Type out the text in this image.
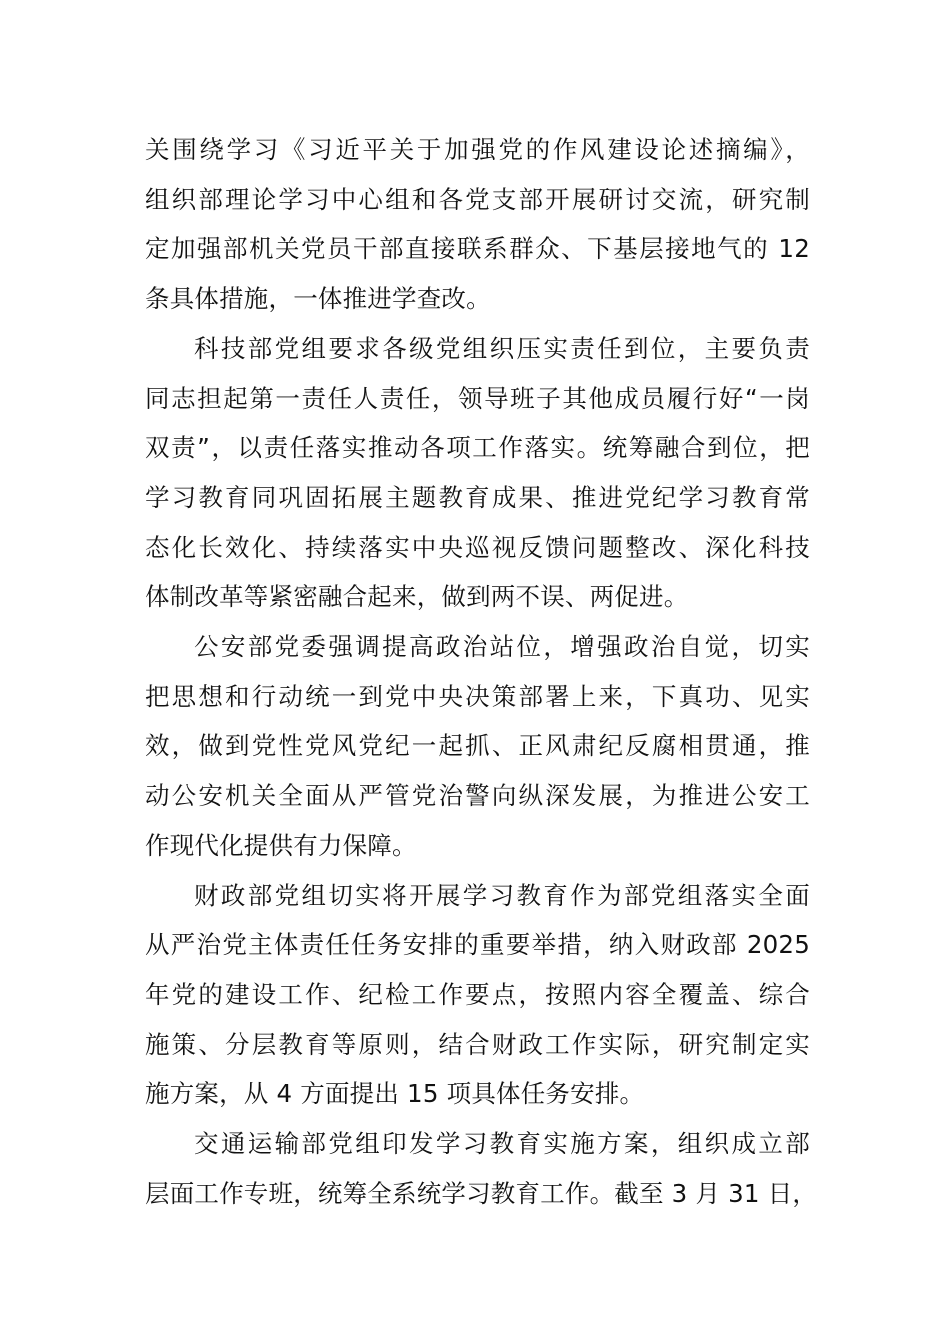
关围绕学习《习近平关于加强党的作风建设论述摘编》，
组织部理论学习中心组和各党支部开展研讨交流，研究制
定加强部机关党员干部直接联系群众、下基层接地气的 12
条具体措施，一体推进学查改。
科技部党组要求各级党组织压实责任到位，主要负责
同志担起第一责任人责任，领导班子其他成员履行好“一岗
双责”，以责任落实推动各项工作落实。统筹融合到位，把
学习教育同巩固拓展主题教育成果、推进党纪学习教育常
态化长效化、持续落实中央巡视反馈问题整改、深化科技
体制改革等紧密融合起来，做到两不误、两促进。
公安部党委强调提高政治站位，增强政治自觉，切实
把思想和行动统一到党中央决策部署上来，下真功、见实
效，做到党性党风党纪一起抓、正风肃纪反腐相贯通，推
动公安机关全面从严管党治警向纵深发展，为推进公安工
作现代化提供有力保障。
财政部党组切实将开展学习教育作为部党组落实全面
从严治党主体责任任务安排的重要举措，纳入财政部 2025
年党的建设工作、纪检工作要点，按照内容全覆盖、综合
施策、分层教育等原则，结合财政工作实际，研究制定实
施方案，从 4 方面提出 15 项具体任务安排。
交通运输部党组印发学习教育实施方案，组织成立部
层面工作专班，统筹全系统学习教育工作。截至 3 月 31 日，
